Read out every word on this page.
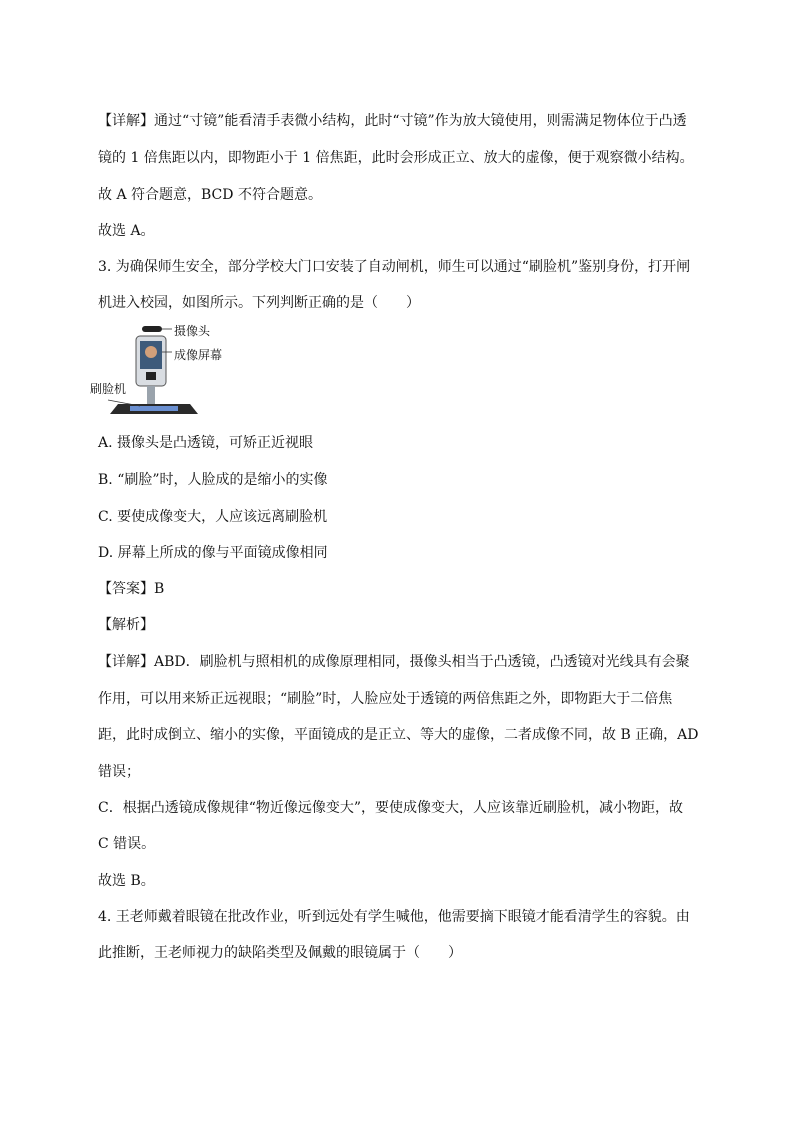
【详解】通过“寸镜”能看清手表微小结构，此时“寸镜”作为放大镜使用，则需满足物体位于凸透
镜的 1 倍焦距以内，即物距小于 1 倍焦距，此时会形成正立、放大的虚像，便于观察微小结构。
故 A 符合题意，BCD 不符合题意。
故选 A。
3. 为确保师生安全，部分学校大门口安装了自动闸机，师生可以通过“刷脸机”鉴别身份，打开闸
机进入校园，如图所示。下列判断正确的是（　　）
摄像头
成像屏幕
刷脸机
A. 摄像头是凸透镜，可矫正近视眼
B. “刷脸”时，人脸成的是缩小的实像
C. 要使成像变大，人应该远离刷脸机
D. 屏幕上所成的像与平面镜成像相同
【答案】B
【解析】
【详解】ABD．刷脸机与照相机的成像原理相同，摄像头相当于凸透镜，凸透镜对光线具有会聚
作用，可以用来矫正远视眼；“刷脸”时，人脸应处于透镜的两倍焦距之外，即物距大于二倍焦
距，此时成倒立、缩小的实像，平面镜成的是正立、等大的虚像，二者成像不同，故 B 正确，AD
错误；
C．根据凸透镜成像规律“物近像远像变大”，要使成像变大，人应该靠近刷脸机，减小物距，故
C 错误。
故选 B。
4. 王老师戴着眼镜在批改作业，听到远处有学生喊他，他需要摘下眼镜才能看清学生的容貌。由
此推断，王老师视力的缺陷类型及佩戴的眼镜属于（　　）
